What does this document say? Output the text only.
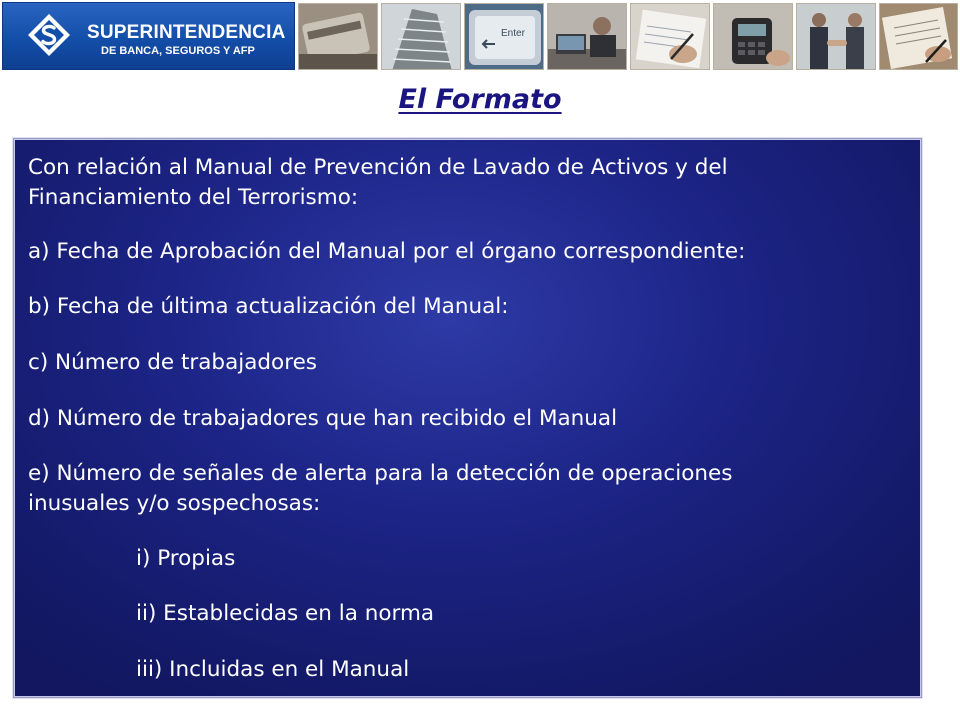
SUPERINTENDENCIA
DE BANCA, SEGUROS Y AFP
Enter
El Formato
Con relación al Manual de Prevención de Lavado de Activos y del
Financiamiento del Terrorismo:
a) Fecha de Aprobación del Manual por el órgano correspondiente:
b) Fecha de última actualización del Manual:
c) Número de trabajadores
d) Número de trabajadores que han recibido el Manual
e) Número de señales de alerta para la detección de operaciones
inusuales y/o sospechosas:
i) Propias
ii) Establecidas en la norma
iii) Incluidas en el Manual
